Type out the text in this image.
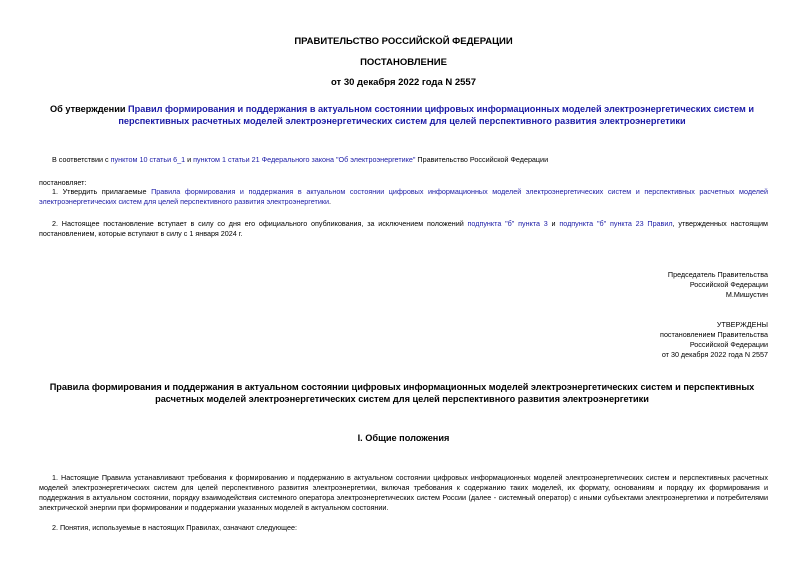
ПРАВИТЕЛЬСТВО РОССИЙСКОЙ ФЕДЕРАЦИИ
ПОСТАНОВЛЕНИЕ
от 30 декабря 2022 года N 2557
Об утверждении Правил формирования и поддержания в актуальном состоянии цифровых информационных моделей электроэнергетических систем и перспективных расчетных моделей электроэнергетических систем для целей перспективного развития электроэнергетики
В соответствии с пунктом 10 статьи 6_1 и пунктом 1 статьи 21 Федерального закона "Об электроэнергетике" Правительство Российской Федерации
постановляет:
1. Утвердить прилагаемые Правила формирования и поддержания в актуальном состоянии цифровых информационных моделей электроэнергетических систем и перспективных расчетных моделей электроэнергетических систем для целей перспективного развития электроэнергетики.
2. Настоящее постановление вступает в силу со дня его официального опубликования, за исключением положений подпункта "б" пункта 3 и подпункта "б" пункта 23 Правил, утвержденных настоящим постановлением, которые вступают в силу с 1 января 2024 г.
Председатель Правительства
Российской Федерации
М.Мишустин
УТВЕРЖДЕНЫ
постановлением Правительства
Российской Федерации
от 30 декабря 2022 года N 2557
Правила формирования и поддержания в актуальном состоянии цифровых информационных моделей электроэнергетических систем и перспективных расчетных моделей электроэнергетических систем для целей перспективного развития электроэнергетики
I. Общие положения
1. Настоящие Правила устанавливают требования к формированию и поддержанию в актуальном состоянии цифровых информационных моделей электроэнергетических систем и перспективных расчетных моделей электроэнергетических систем для целей перспективного развития электроэнергетики, включая требования к содержанию таких моделей, их формату, основаниям и порядку их формирования и поддержания в актуальном состоянии, порядку взаимодействия системного оператора электроэнергетических систем России (далее - системный оператор) с иными субъектами электроэнергетики и потребителями электрической энергии при формировании и поддержании указанных моделей в актуальном состоянии.
2. Понятия, используемые в настоящих Правилах, означают следующее:
